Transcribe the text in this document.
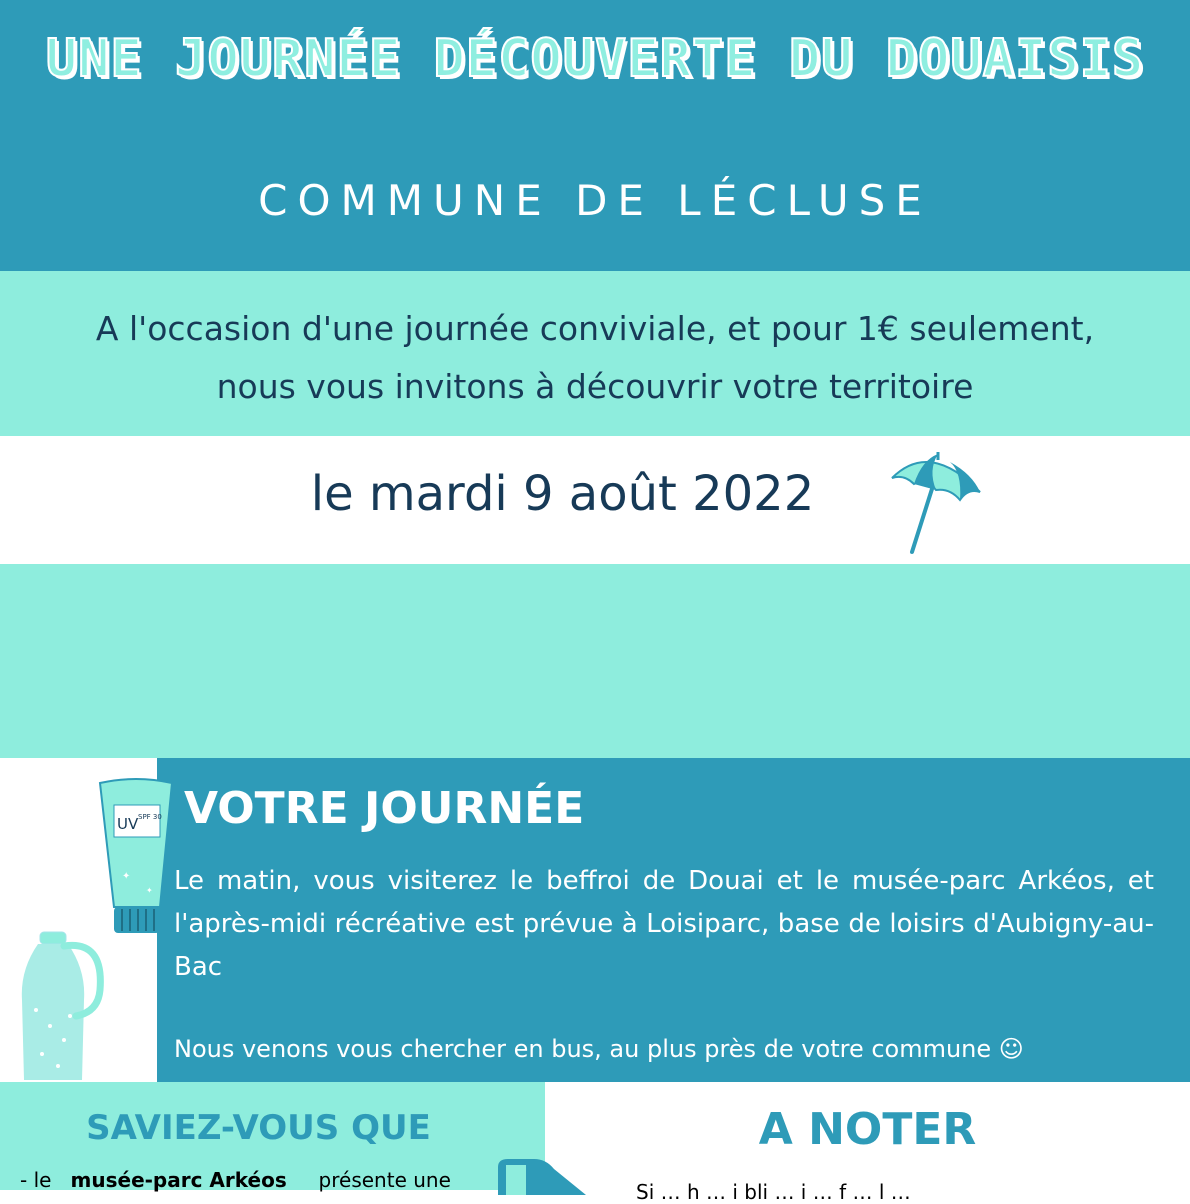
UNE JOURNÉE DÉCOUVERTE DU DOUAISIS
COMMUNE DE LÉCLUSE
A l'occasion d'une journée conviviale, et pour 1€ seulement,
nous vous invitons à découvrir votre territoire
le mardi 9 août 2022
VOTRE JOURNÉE
Le matin, vous visiterez le beffroi de Douai et le musée-parc Arkéos, et l'après-midi récréative est prévue à Loisiparc, base de loisirs d'Aubigny-au-Bac
Nous venons vous chercher en bus, au plus près de votre commune ☺
UV SPF 30
✦
✦
SAVIEZ-VOUS QUE
- le musée-parc Arkéos présente une
A NOTER
Si … h … i bli … i … f … l …
